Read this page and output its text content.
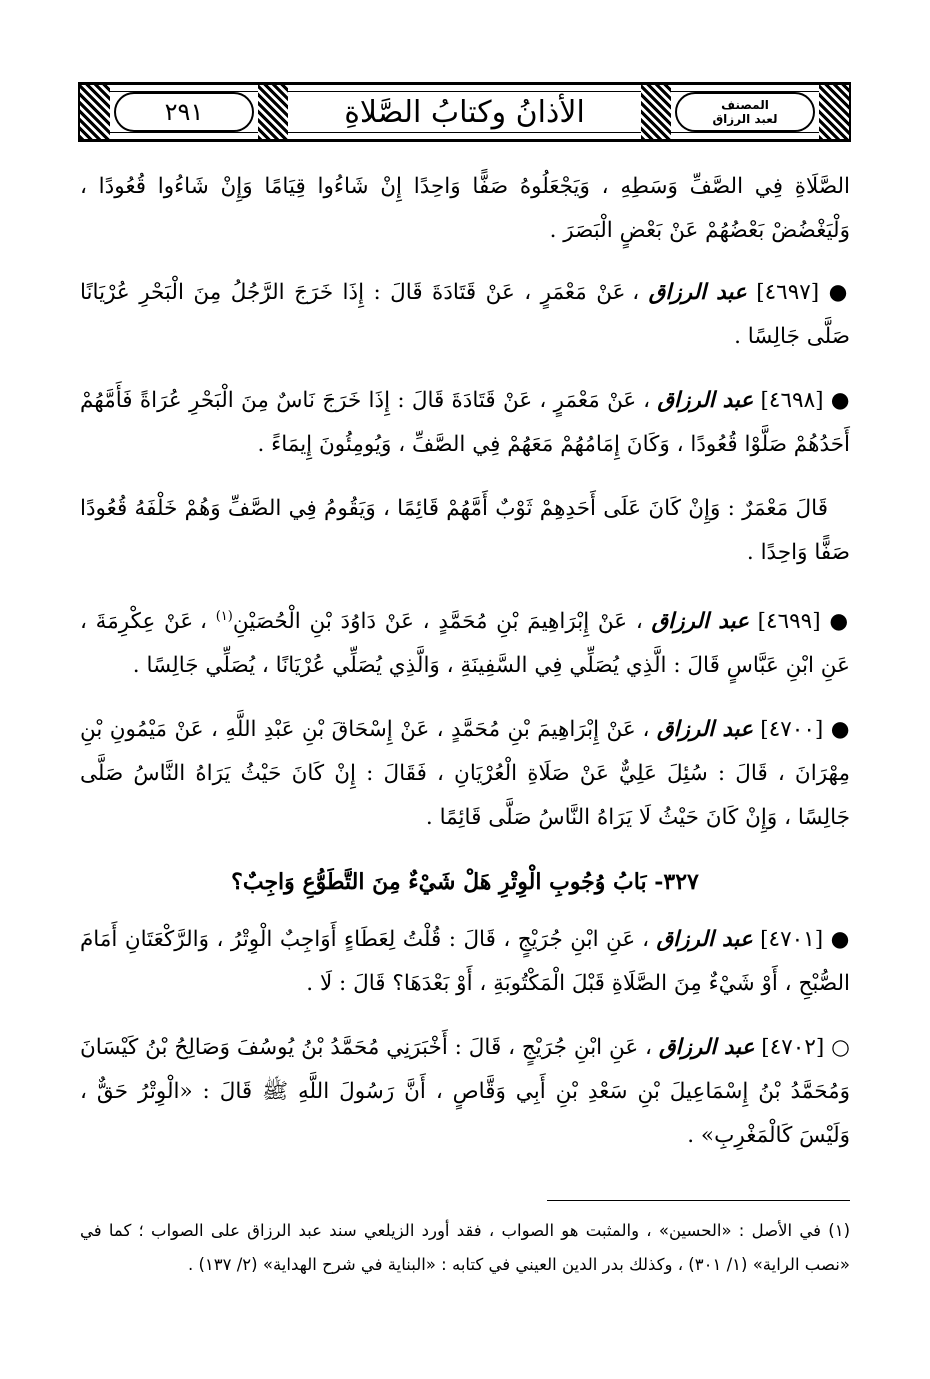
٢٩١	الأذانُ وكتابُ الصَّلاةِ	المصنف
لعبد الرزاق

الصَّلَاةِ فِي الصَّفِّ وَسَطِهِ ، وَيَجْعَلُوهُ صَفًّا وَاحِدًا إِنْ شَاءُوا قِيَامًا وَإِنْ شَاءُوا قُعُودًا ، وَلْيَغْضُضْ بَعْضُهُمْ عَنْ بَعْضٍ الْبَصَرَ .

● [٤٦٩٧] عبد الرزاق ، عَنْ مَعْمَرٍ ، عَنْ قَتَادَةَ قَالَ : إِذَا خَرَجَ الرَّجُلُ مِنَ الْبَحْرِ عُرْيَانًا صَلَّى جَالِسًا .

● [٤٦٩٨] عبد الرزاق ، عَنْ مَعْمَرٍ ، عَنْ قَتَادَةَ قَالَ : إِذَا خَرَجَ نَاسٌ مِنَ الْبَحْرِ عُرَاةً فَأَمَّهُمْ أَحَدُهُمْ صَلَّوْا قُعُودًا ، وَكَانَ إِمَامُهُمْ مَعَهُمْ فِي الصَّفِّ ، وَيُومِئُونَ إِيمَاءً .

قَالَ مَعْمَرٌ : وَإِنْ كَانَ عَلَى أَحَدِهِمْ ثَوْبٌ أَمَّهُمْ قَائِمًا ، وَيَقُومُ فِي الصَّفِّ وَهُمْ خَلْفَهُ قُعُودًا صَفًّا وَاحِدًا .

● [٤٦٩٩] عبد الرزاق ، عَنْ إِبْرَاهِيمَ بْنِ مُحَمَّدٍ ، عَنْ دَاوُدَ بْنِ الْحُصَيْنِ$^{(١)}$ ، عَنْ عِكْرِمَةَ ، عَنِ ابْنِ عَبَّاسٍ قَالَ : الَّذِي يُصَلِّي فِي السَّفِينَةِ ، وَالَّذِي يُصَلِّي عُرْيَانًا ، يُصَلِّي جَالِسًا .

● [٤٧٠٠] عبد الرزاق ، عَنْ إِبْرَاهِيمَ بْنِ مُحَمَّدٍ ، عَنْ إِسْحَاقَ بْنِ عَبْدِ اللَّهِ ، عَنْ مَيْمُونِ بْنِ مِهْرَانَ ، قَالَ : سُئِلَ عَلِيٌّ عَنْ صَلَاةِ الْعُرْيَانِ ، فَقَالَ : إِنْ كَانَ حَيْثُ يَرَاهُ النَّاسُ صَلَّى جَالِسًا ، وَإِنْ كَانَ حَيْثُ لَا يَرَاهُ النَّاسُ صَلَّى قَائِمًا .

٣٢٧- بَابُ وُجُوبِ الْوِتْرِ هَلْ شَيْءٌ مِنَ التَّطَوُّعِ وَاجِبٌ؟

● [٤٧٠١] عبد الرزاق ، عَنِ ابْنِ جُرَيْجٍ ، قَالَ : قُلْتُ لِعَطَاءٍ أَوَاجِبٌ الْوِتْرُ ، وَالرَّكْعَتَانِ أَمَامَ الصُّبْحِ ، أَوْ شَيْءٌ مِنَ الصَّلَاةِ قَبْلَ الْمَكْتُوبَةِ ، أَوْ بَعْدَهَا؟ قَالَ : لَا .

○ [٤٧٠٢] عبد الرزاق ، عَنِ ابْنِ جُرَيْجٍ ، قَالَ : أَخْبَرَنِي مُحَمَّدُ بْنُ يُوسُفَ وَصَالِحُ بْنُ كَيْسَانَ وَمُحَمَّدُ بْنُ إِسْمَاعِيلَ بْنِ سَعْدِ بْنِ أَبِي وَقَّاصٍ ، أَنَّ رَسُولَ اللَّهِ ﷺ قَالَ : «الْوِتْرُ حَقٌّ ، وَلَيْسَ كَالْمَغْرِبِ» .

(١) في الأصل : «الحسين» ، والمثبت هو الصواب ، فقد أورد الزيلعي سند عبد الرزاق على الصواب ؛ كما في «نصب الراية» (١/ ٣٠١) ، وكذلك بدر الدين العيني في كتابه : «البناية في شرح الهداية» (٢/ ١٣٧) .
